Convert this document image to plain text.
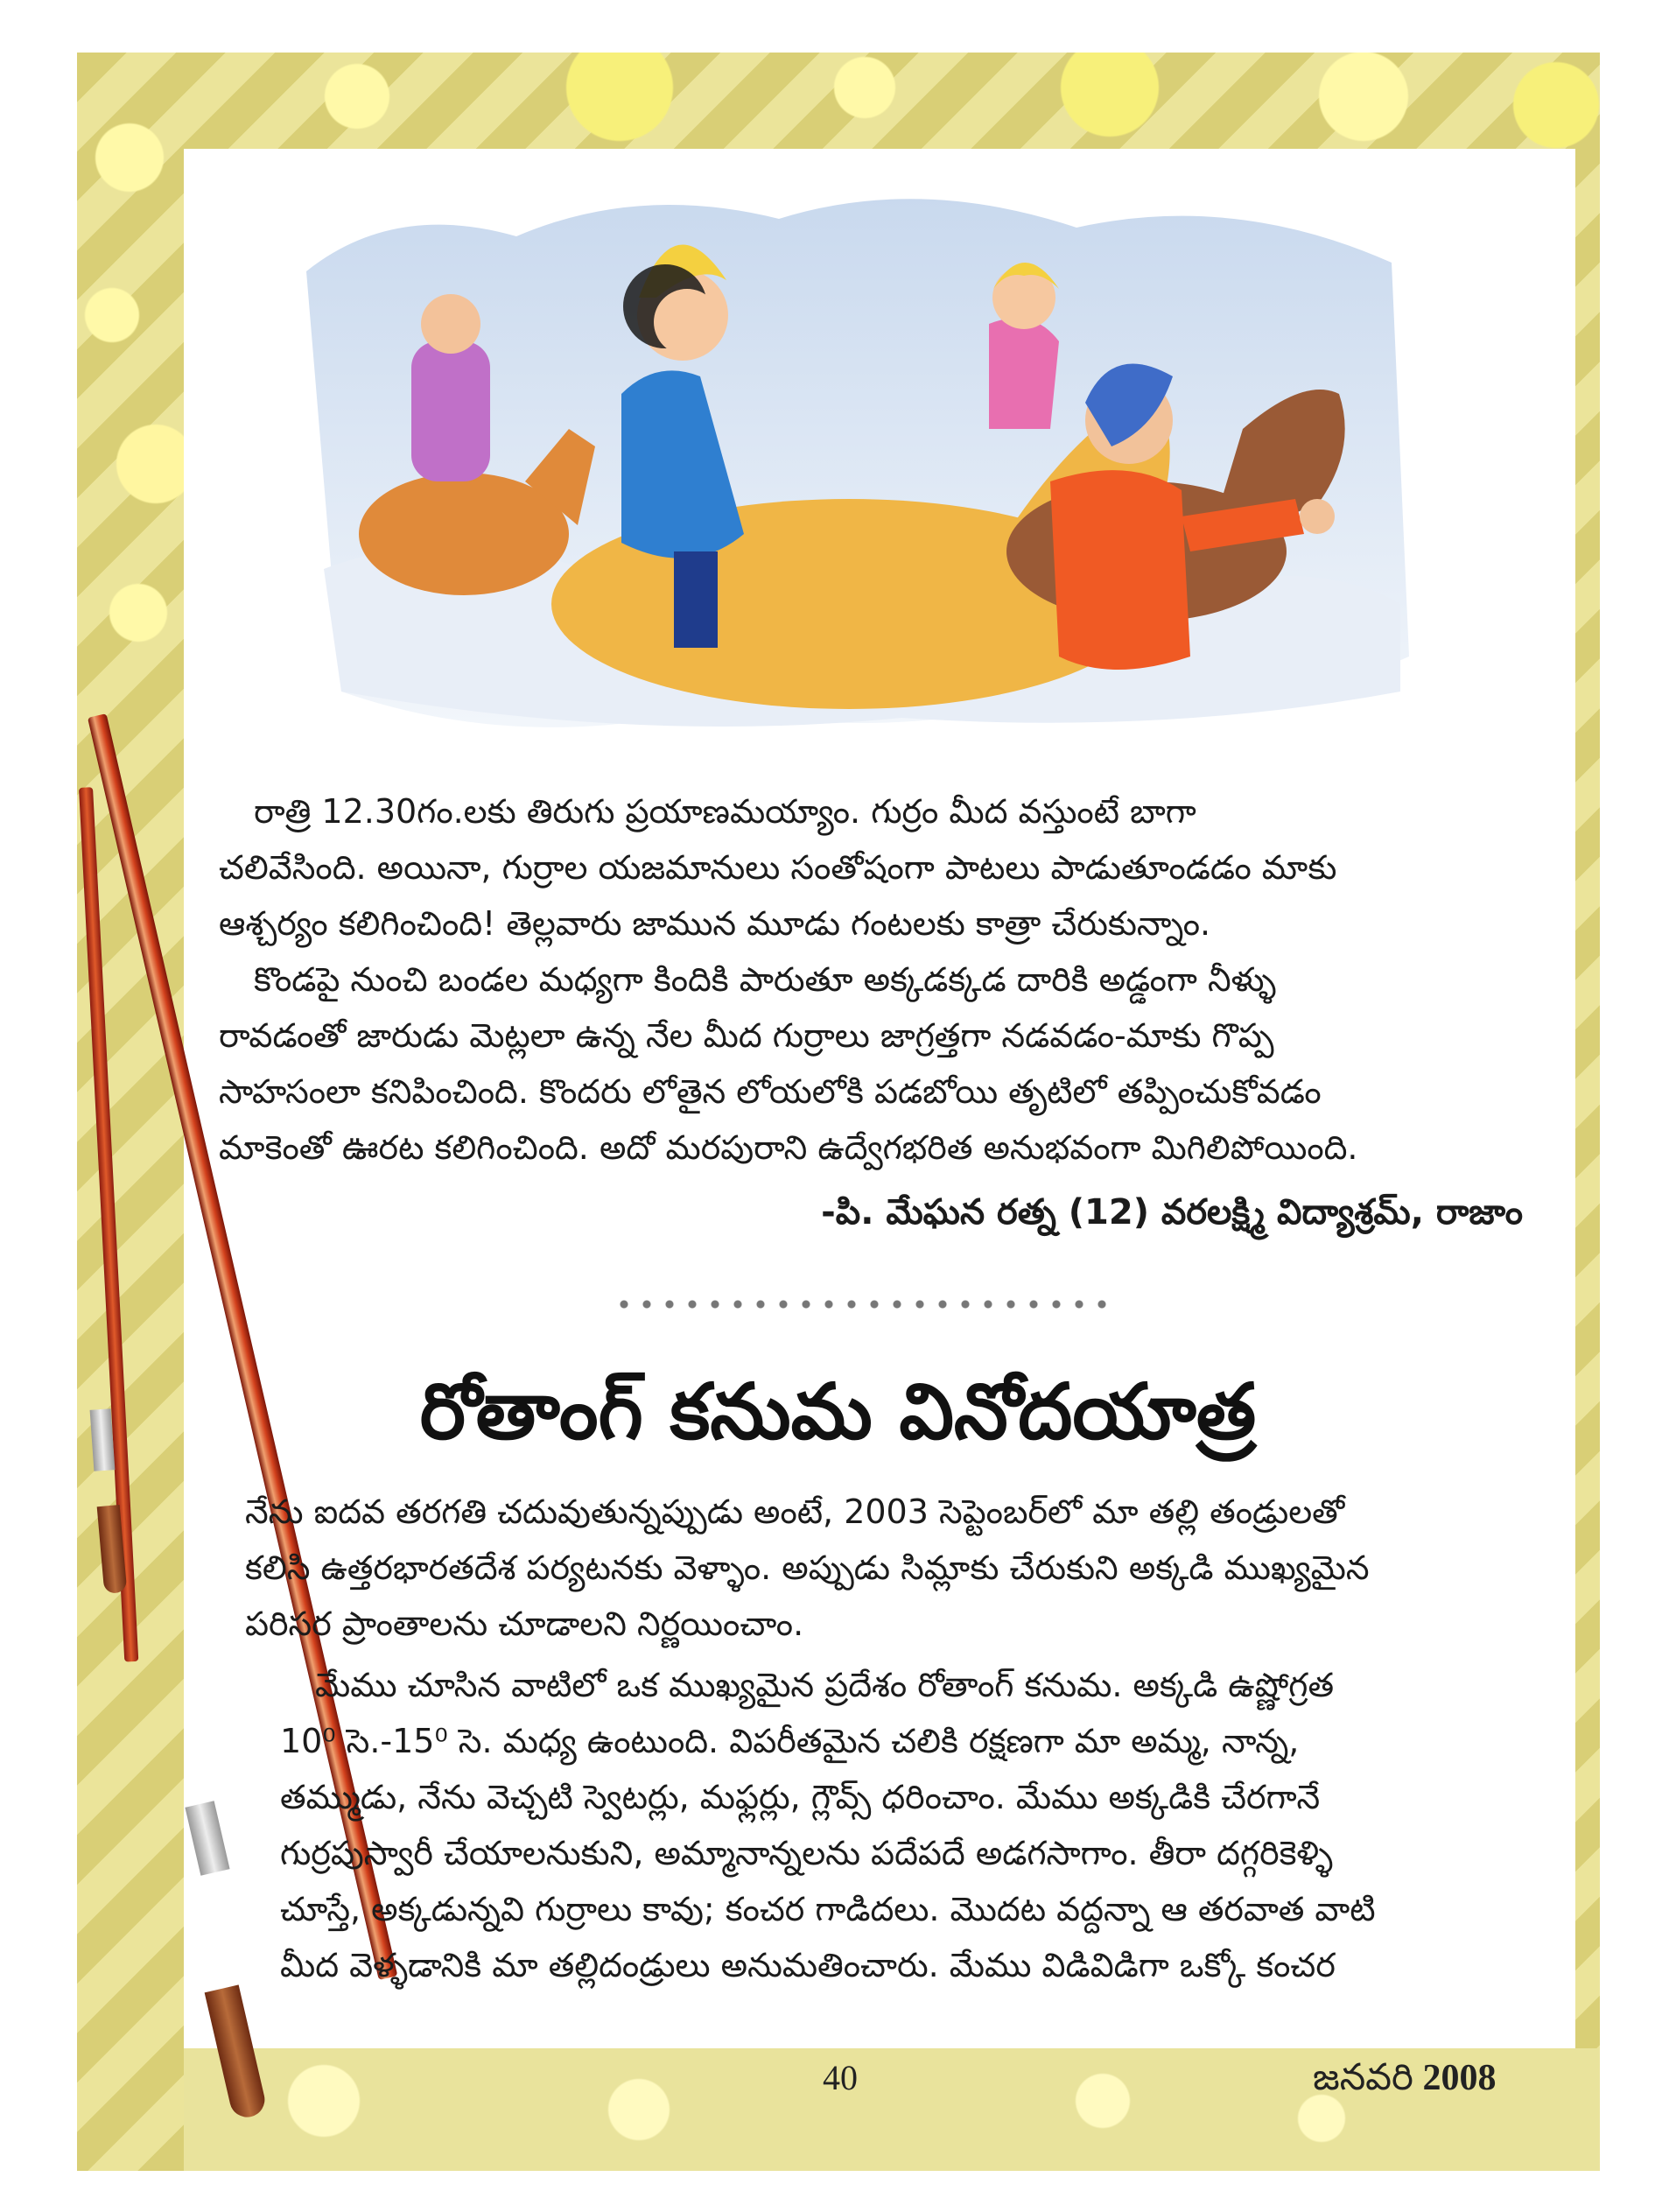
రాత్రి 12.30గం.లకు తిరుగు ప్రయాణమయ్యాం. గుర్రం మీద వస్తుంటే బాగా
చలివేసింది. అయినా, గుర్రాల యజమానులు సంతోషంగా పాటలు పాడుతూండడం మాకు
ఆశ్చర్యం కలిగించింది! తెల్లవారు జామున మూడు గంటలకు కాత్రా చేరుకున్నాం.
కొండపై నుంచి బండల మధ్యగా కిందికి పారుతూ అక్కడక్కడ దారికి అడ్డంగా నీళ్ళు
రావడంతో జారుడు మెట్లలా ఉన్న నేల మీద గుర్రాలు జాగ్రత్తగా నడవడం-మాకు గొప్ప
సాహసంలా కనిపించింది. కొందరు లోతైన లోయలోకి పడబోయి తృటిలో తప్పించుకోవడం
మాకెంతో ఊరట కలిగించింది. అదో మరపురాని ఉద్వేగభరిత అనుభవంగా మిగిలిపోయింది.
-పి. మేఘన రత్న (12) వరలక్ష్మి విద్యాశ్రమ్, రాజాం
రోతాంగ్ కనుమ వినోదయాత్ర
నేను ఐదవ తరగతి చదువుతున్నప్పుడు అంటే, 2003 సెప్టెంబర్‌లో మా తల్లి తండ్రులతో
కలిసి ఉత్తరభారతదేశ పర్యటనకు వెళ్ళాం. అప్పుడు సిమ్లాకు చేరుకుని అక్కడి ముఖ్యమైన
పరిసర ప్రాంతాలను చూడాలని నిర్ణయించాం.
మేము చూసిన వాటిలో ఒక ముఖ్యమైన ప్రదేశం రోతాంగ్ కనుమ. అక్కడి ఉష్ణోగ్రత
10⁰ సె.-15⁰ సె. మధ్య ఉంటుంది. విపరీతమైన చలికి రక్షణగా మా అమ్మ, నాన్న,
తమ్ముడు, నేను వెచ్చటి స్వెటర్లు, మఫ్లర్లు, గ్లౌవ్స్ ధరించాం. మేము అక్కడికి చేరగానే
గుర్రపుస్వారీ చేయాలనుకుని, అమ్మానాన్నలను పదేపదే అడగసాగాం. తీరా దగ్గరికెళ్ళి
చూస్తే, అక్కడున్నవి గుర్రాలు కావు; కంచర గాడిదలు. మొదట వద్దన్నా ఆ తరవాత వాటి
మీద వెళ్ళడానికి మా తల్లిదండ్రులు అనుమతించారు. మేము విడివిడిగా ఒక్కో కంచర
40	జనవరి 2008
